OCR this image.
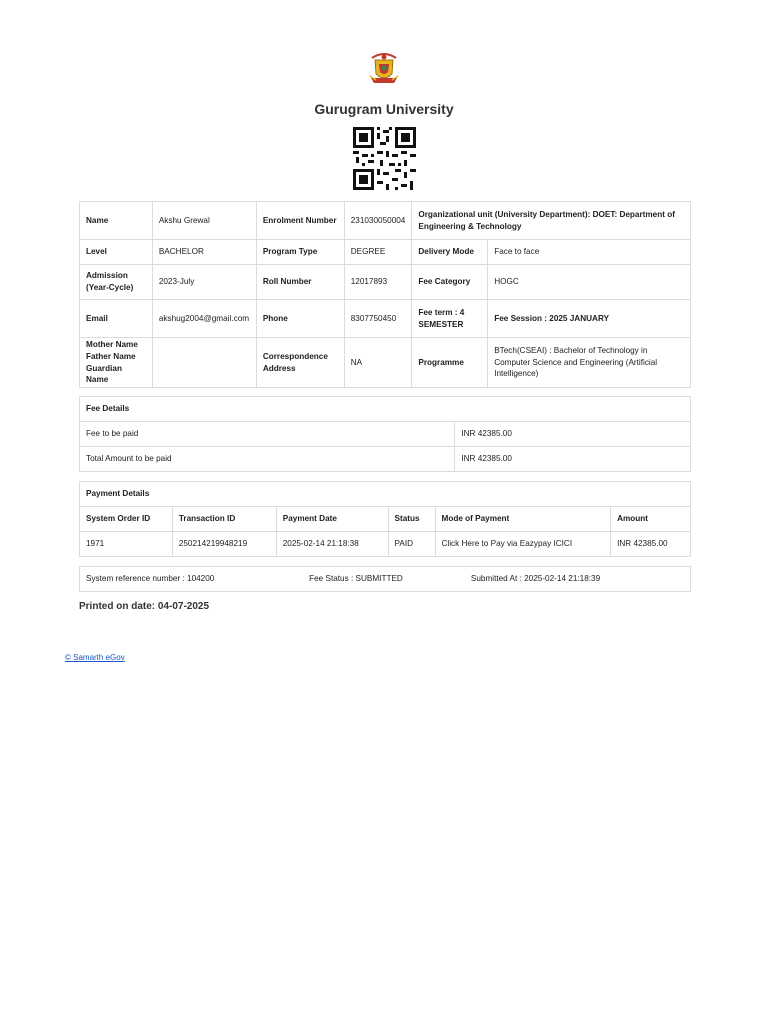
Gurugram University
Name	Akshu Grewal	Enrolment Number	231030050004	Organizational unit (University Department): DOET: Department of Engineering & Technology	
Level	BACHELOR	Program Type	DEGREE	Delivery Mode	Face to face
Admission (Year-Cycle)	2023-July	Roll Number	12017893	Fee Category	HOGC
Email	akshug2004@gmail.com	Phone	8307750450	Fee term : 4 SEMESTER	Fee Session : 2025 JANUARY

Mother Name
Father Name
Guardian Name		Correspondence Address	NA	Programme	BTech(CSEAI) : Bachelor of Technology in Computer Science and Engineering (Artificial Intelligence)
Fee Details	
Fee to be paid	INR 42385.00
Total Amount to be paid	INR 42385.00
Payment Details					
System Order ID	Transaction ID	Payment Date	Status	Mode of Payment	Amount
1971	250214219948219	2025-02-14 21:18:38	PAID	Click Here to Pay via Eazypay ICICI	INR 42385.00
System reference number : 104200	Fee Status : SUBMITTED	Submitted At : 2025-02-14 21:18:39
Printed on date: 04-07-2025
© Samarth eGov
